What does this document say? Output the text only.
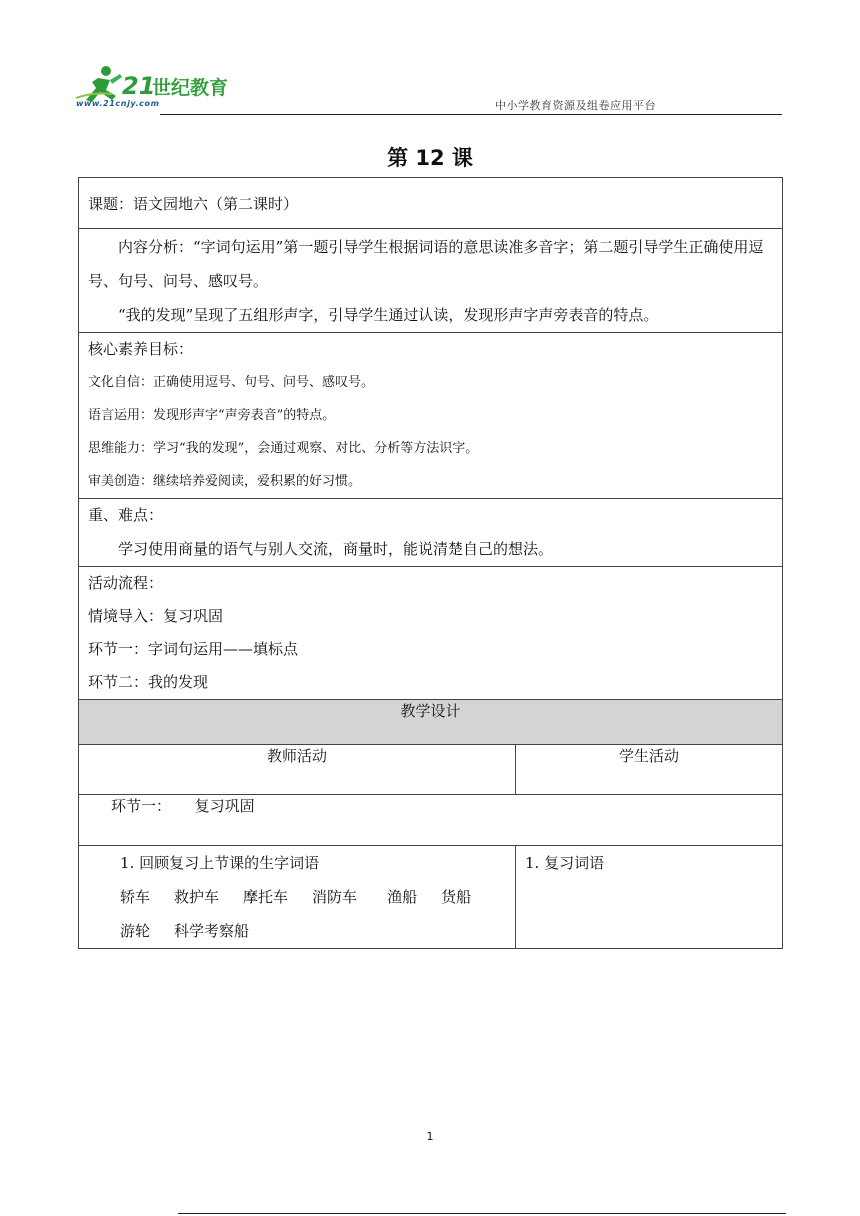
21
世纪教育
www.21cnjy.com	中小学教育资源及组卷应用平台
第 12 课
课题：语文园地六（第二课时）	

内容分析：“字词句运用”第一题引导学生根据词语的意思读准多音字；第二题引导学生正确使用逗号、句号、问号、感叹号。

“我的发现”呈现了五组形声字，引导学生通过认读，发现形声字声旁表音的特点。	

核心素养目标：
文化自信：正确使用逗号、句号、问号、感叹号。
语言运用：发现形声字“声旁表音”的特点。
思维能力：学习“我的发现”，会通过观察、对比、分析等方法识字。
审美创造：继续培养爱阅读，爱积累的好习惯。	

重、难点：
学习使用商量的语气与别人交流，商量时，能说清楚自己的想法。	

活动流程：
情境导入：复习巩固
环节一：字词句运用——填标点
环节二：我的发现	

教学设计	
教师活动	学生活动
环节一： 复习巩固	

1. 回顾复习上节课的生字词语
轿车 救护车 摩托车 消防车 渔船 货船
游轮 科学考察船	1. 复习词语
1
